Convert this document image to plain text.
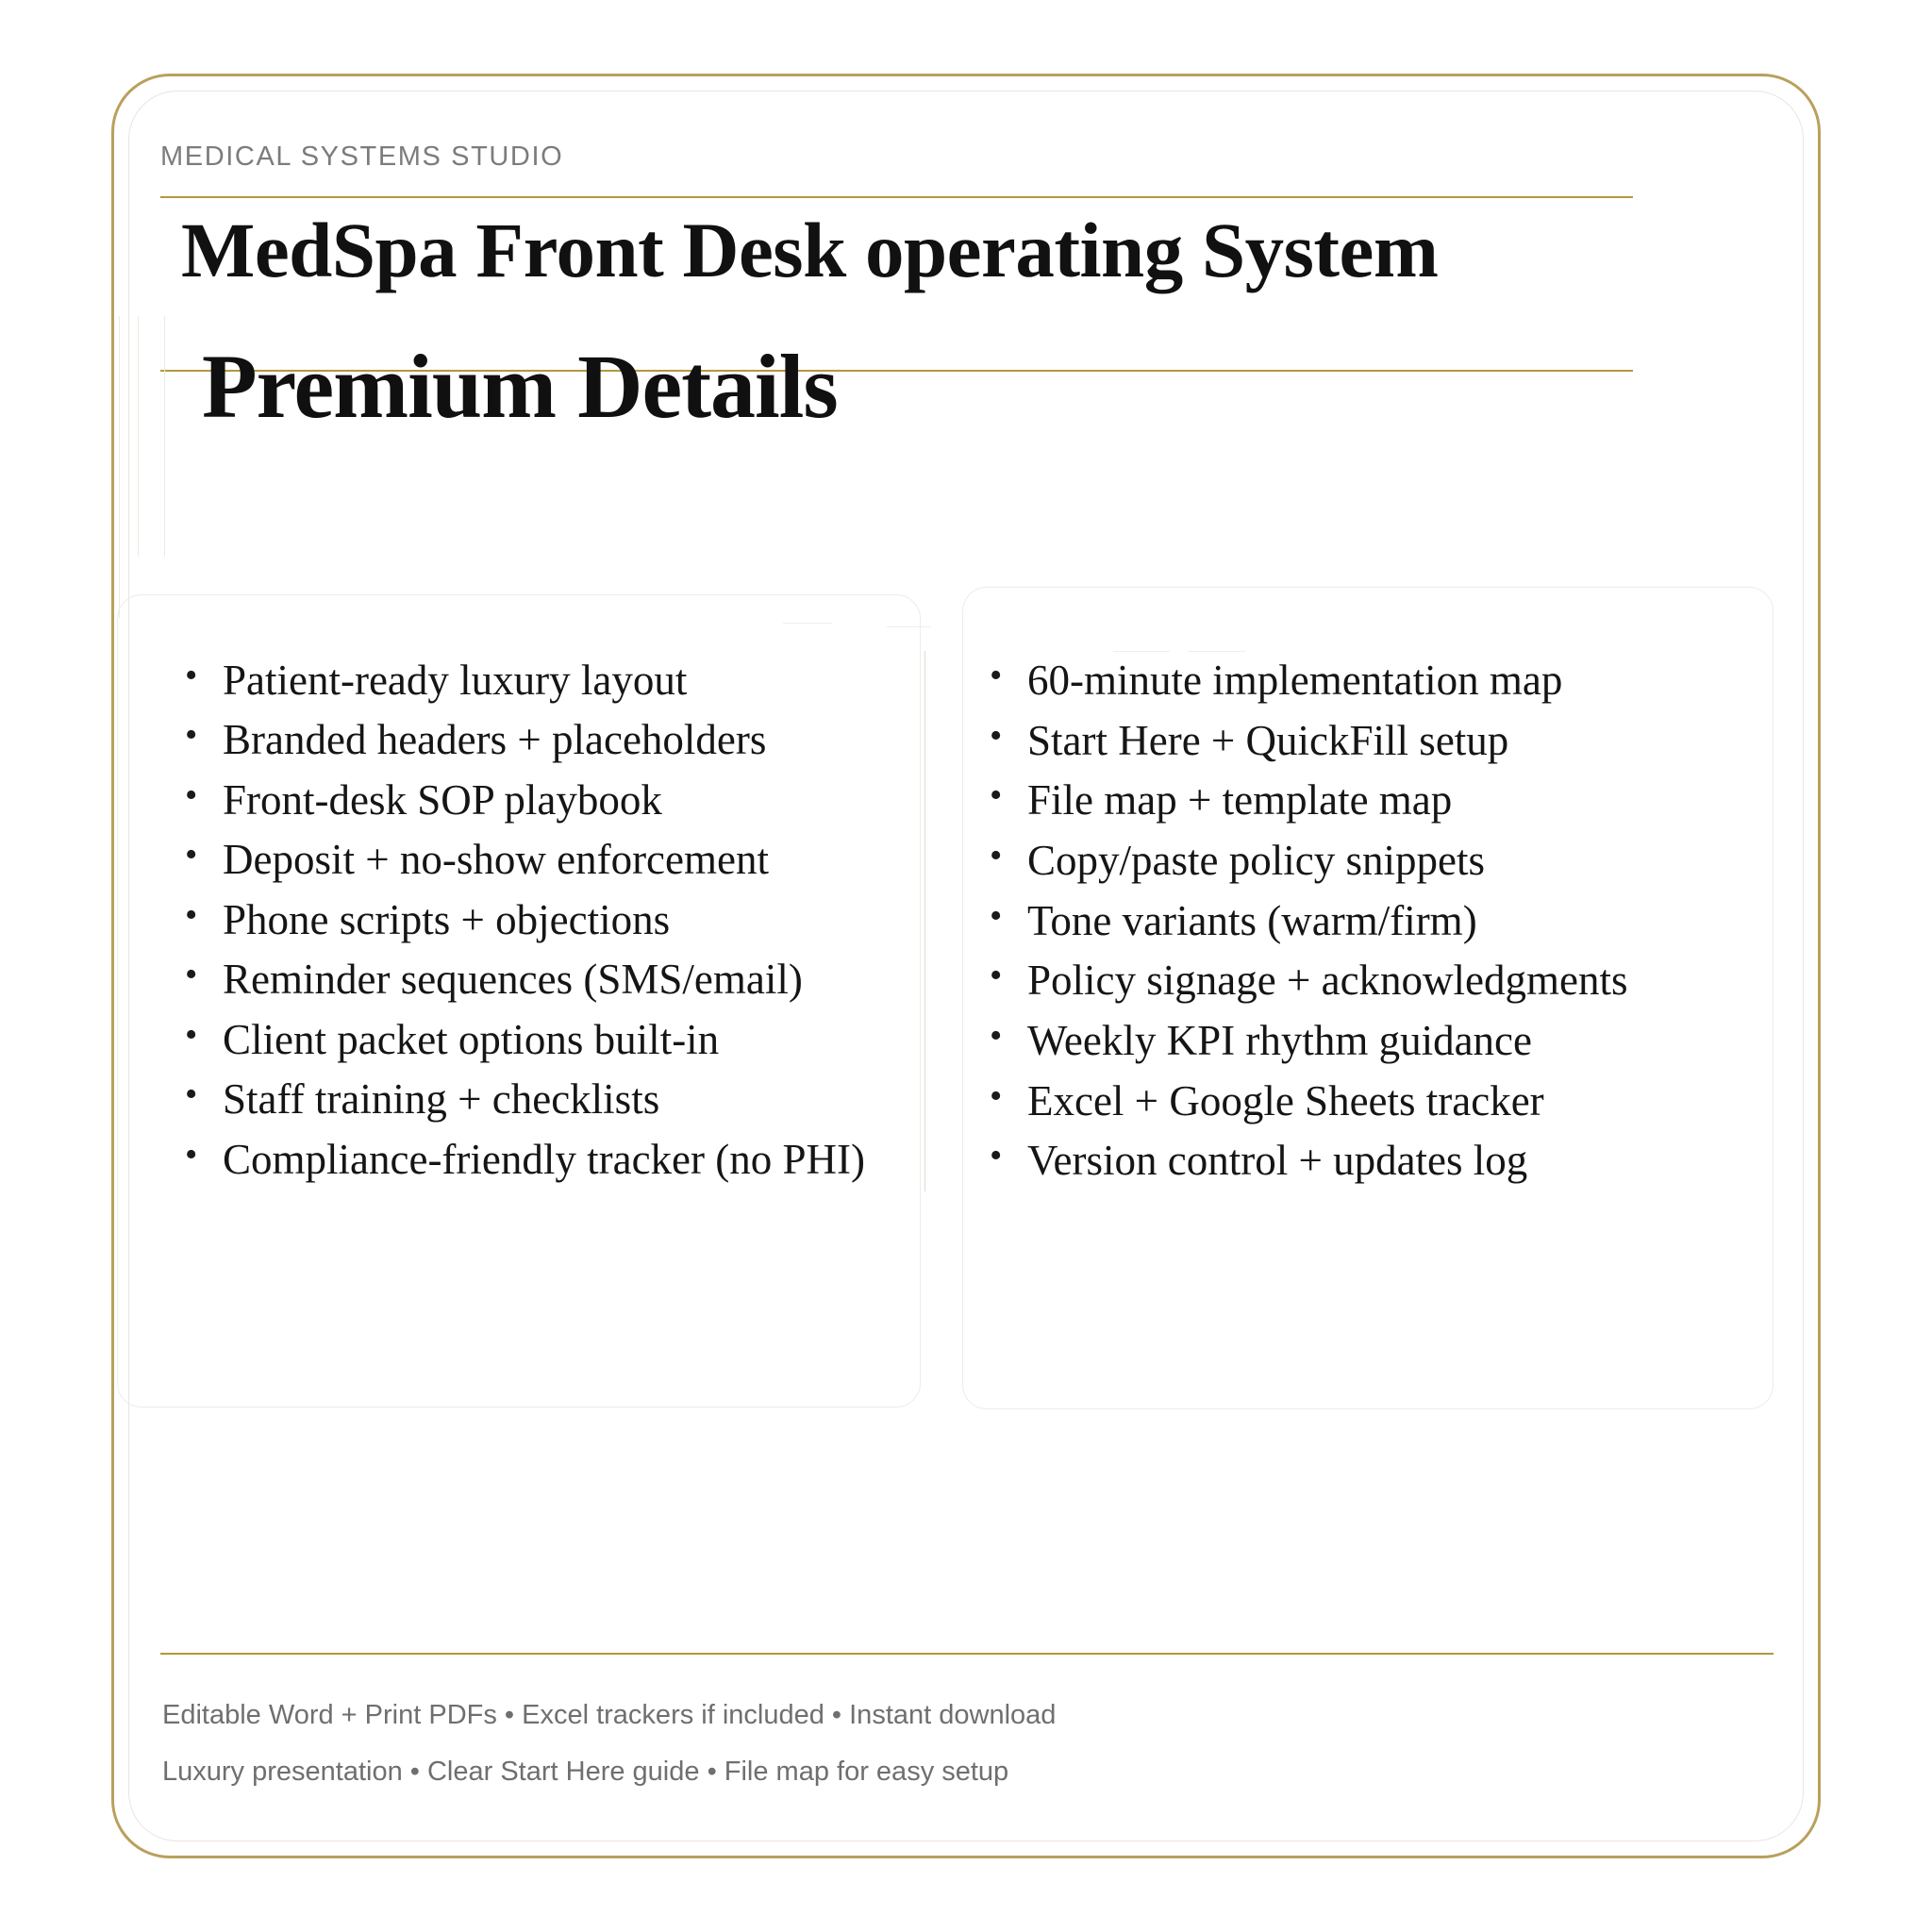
MEDICAL SYSTEMS STUDIO
MedSpa Front Desk operating System
Premium Details
• Patient-ready luxury layout
• Branded headers + placeholders
• Front-desk SOP playbook
• Deposit + no-show enforcement
• Phone scripts + objections
• Reminder sequences (SMS/email)
• Client packet options built-in
• Staff training + checklists
• Compliance-friendly tracker (no PHI)
• 60-minute implementation map
• Start Here + QuickFill setup
• File map + template map
• Copy/paste policy snippets
• Tone variants (warm/firm)
• Policy signage + acknowledgments
• Weekly KPI rhythm guidance
• Excel + Google Sheets tracker
• Version control + updates log
Editable Word + Print PDFs • Excel trackers if included • Instant download
Luxury presentation • Clear Start Here guide • File map for easy setup
